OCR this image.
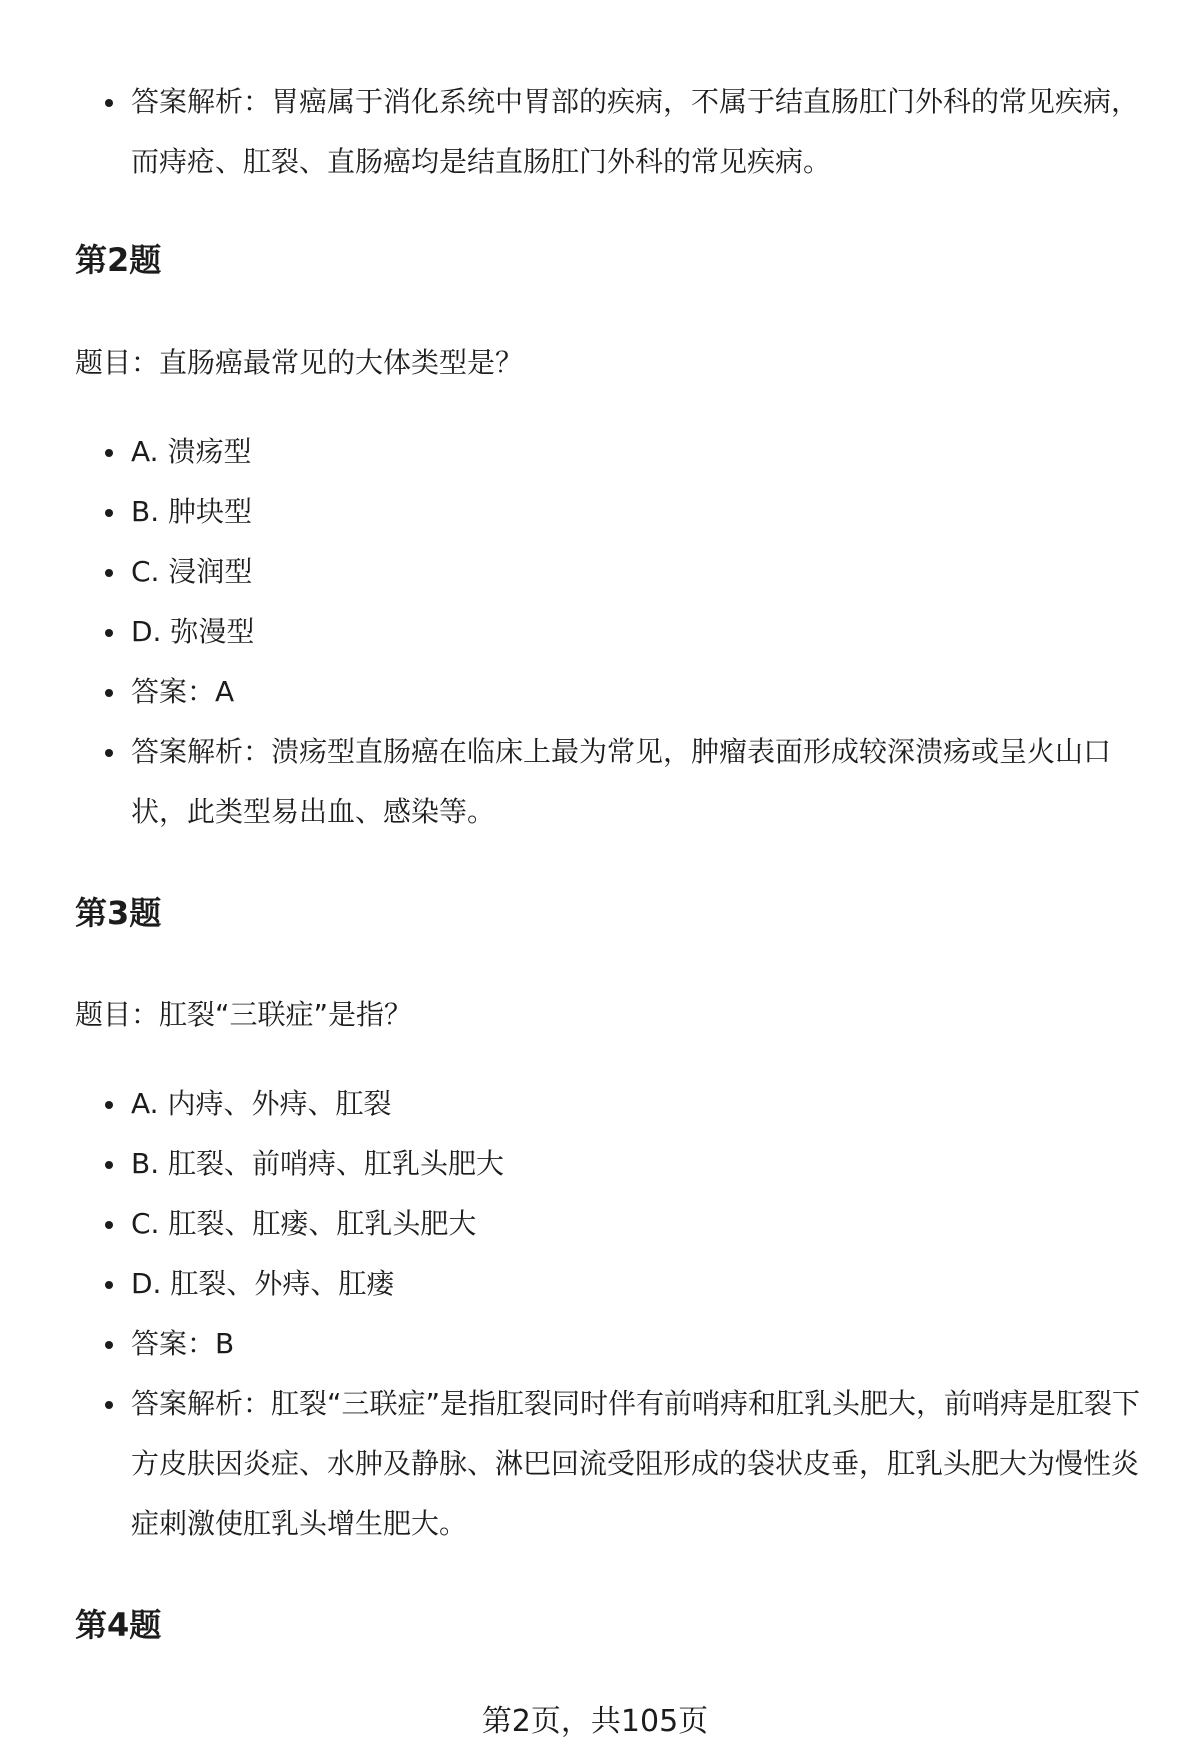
答案解析：胃癌属于消化系统中胃部的疾病，不属于结直肠肛门外科的常见疾病，而痔疮、肛裂、直肠癌均是结直肠肛门外科的常见疾病。
第2题

题目：直肠癌最常见的大体类型是？

A. 溃疡型
B. 肿块型
C. 浸润型
D. 弥漫型
答案：A
答案解析：溃疡型直肠癌在临床上最为常见，肿瘤表面形成较深溃疡或呈火山口状，此类型易出血、感染等。
第3题

题目：肛裂“三联症”是指？

A. 内痔、外痔、肛裂
B. 肛裂、前哨痔、肛乳头肥大
C. 肛裂、肛瘘、肛乳头肥大
D. 肛裂、外痔、肛瘘
答案：B
答案解析：肛裂“三联症”是指肛裂同时伴有前哨痔和肛乳头肥大，前哨痔是肛裂下方皮肤因炎症、水肿及静脉、淋巴回流受阻形成的袋状皮垂，肛乳头肥大为慢性炎症刺激使肛乳头增生肥大。
第4题
第2页，共105页
